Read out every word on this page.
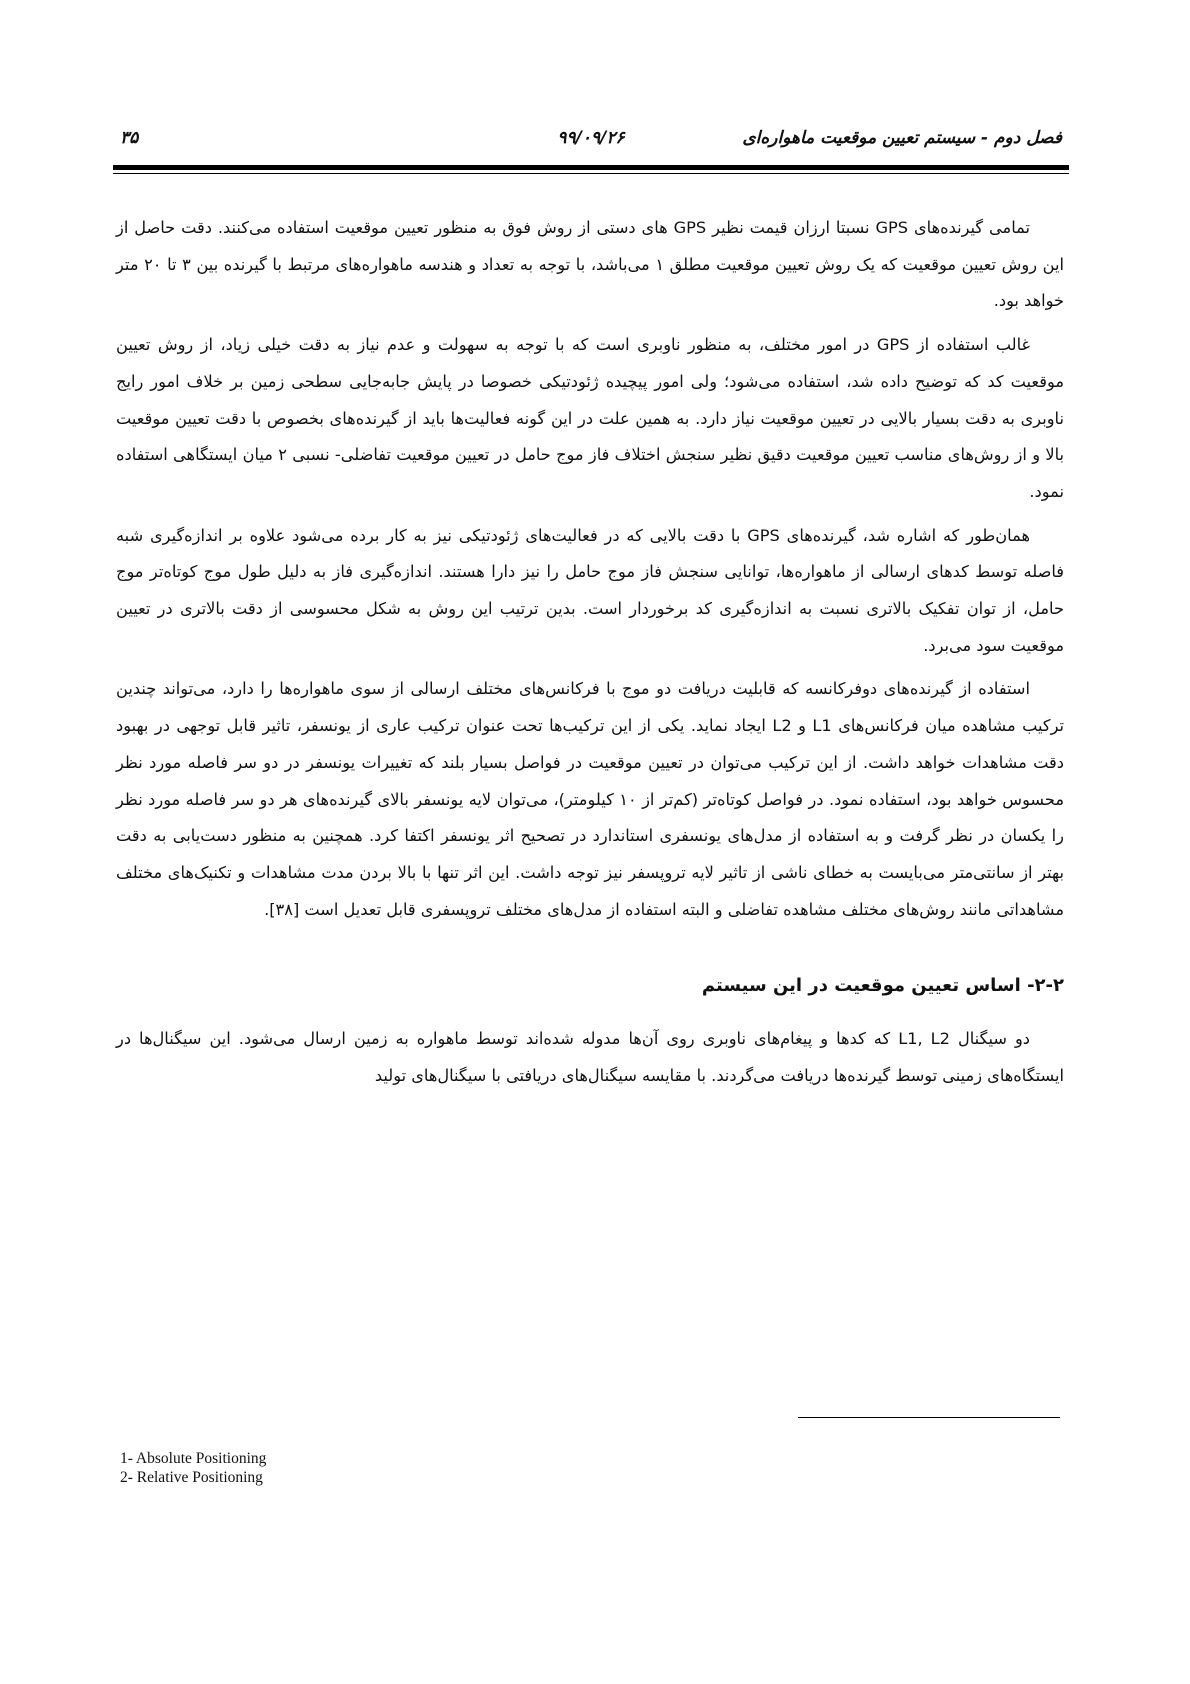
فصل دوم - سیستم تعیین موقعیت ماهواره‌ای
۹۹/۰۹/۲۶
۳۵

تمامی گیرنده‌های GPS نسبتا ارزان قیمت نظیر GPS های دستی از روش فوق به منظور تعیین موقعیت استفاده می‌کنند. دقت حاصل از این روش تعیین موقعیت که یک روش تعیین موقعیت مطلق ۱ می‌باشد، با توجه به تعداد و هندسه ماهواره‌های مرتبط با گیرنده بین ۳ تا ۲۰ متر خواهد بود.

غالب استفاده از GPS در امور مختلف، به منظور ناوبری است که با توجه به سهولت و عدم نیاز به دقت خیلی زیاد، از روش تعیین موقعیت کد که توضیح داده شد، استفاده می‌شود؛ ولی امور پیچیده ژئودتیکی خصوصا در پایش جابه‌جایی سطحی زمین بر خلاف امور رایج ناوبری به دقت بسیار بالایی در تعیین موقعیت نیاز دارد. به همین علت در این گونه فعالیت‌ها باید از گیرنده‌های بخصوص با دقت تعیین موقعیت بالا و از روش‌های مناسب تعیین موقعیت دقیق نظیر سنجش اختلاف فاز موج حامل در تعیین موقعیت تفاضلی- نسبی ۲ میان ایستگاهی استفاده نمود.

همان‌طور که اشاره شد، گیرنده‌های GPS با دقت بالایی که در فعالیت‌های ژئودتیکی نیز به کار برده می‌شود علاوه بر اندازه‌گیری شبه فاصله توسط کدهای ارسالی از ماهواره‌ها، توانایی سنجش فاز موج حامل را نیز دارا هستند. اندازه‌گیری فاز به دلیل طول موج کوتاه‌تر موج حامل، از توان تفکیک بالاتری نسبت به اندازه‌گیری کد برخوردار است. بدین ترتیب این روش به شکل محسوسی از دقت بالاتری در تعیین موقعیت سود می‌برد.

استفاده از گیرنده‌های دوفرکانسه که قابلیت دریافت دو موج با فرکانس‌های مختلف ارسالی از سوی ماهواره‌ها را دارد، می‌تواند چندین ترکیب مشاهده میان فرکانس‌های L1 و L2 ایجاد نماید. یکی از این ترکیب‌ها تحت عنوان ترکیب عاری از یونسفر، تاثیر قابل توجهی در بهبود دقت مشاهدات خواهد داشت. از این ترکیب می‌توان در تعیین موقعیت در فواصل بسیار بلند که تغییرات یونسفر در دو سر فاصله مورد نظر محسوس خواهد بود، استفاده نمود. در فواصل کوتاه‌تر (کم‌تر از ۱۰ کیلومتر)، می‌توان لایه یونسفر بالای گیرنده‌های هر دو سر فاصله مورد نظر را یکسان در نظر گرفت و به استفاده از مدل‌های یونسفری استاندارد در تصحیح اثر یونسفر اکتفا کرد. همچنین به منظور دست‌یابی به دقت بهتر از سانتی‌متر می‌بایست به خطای ناشی از تاثیر لایه تروپسفر نیز توجه داشت. این اثر تنها با بالا بردن مدت مشاهدات و تکنیک‌های مختلف مشاهداتی مانند روش‌های مختلف مشاهده تفاضلی و البته استفاده از مدل‌های مختلف تروپسفری قابل تعدیل است [۳۸].

۲-۲- اساس تعیین موقعیت در این سیستم

دو سیگنال L1, L2 که کدها و پیغام‌های ناوبری روی آن‌ها مدوله شده‌اند توسط ماهواره به زمین ارسال می‌شود. این سیگنال‌ها در ایستگاه‌های زمینی توسط گیرنده‌ها دریافت می‌گردند. با مقایسه سیگنال‌های دریافتی با سیگنال‌های تولید

1- Absolute Positioning
2- Relative Positioning
